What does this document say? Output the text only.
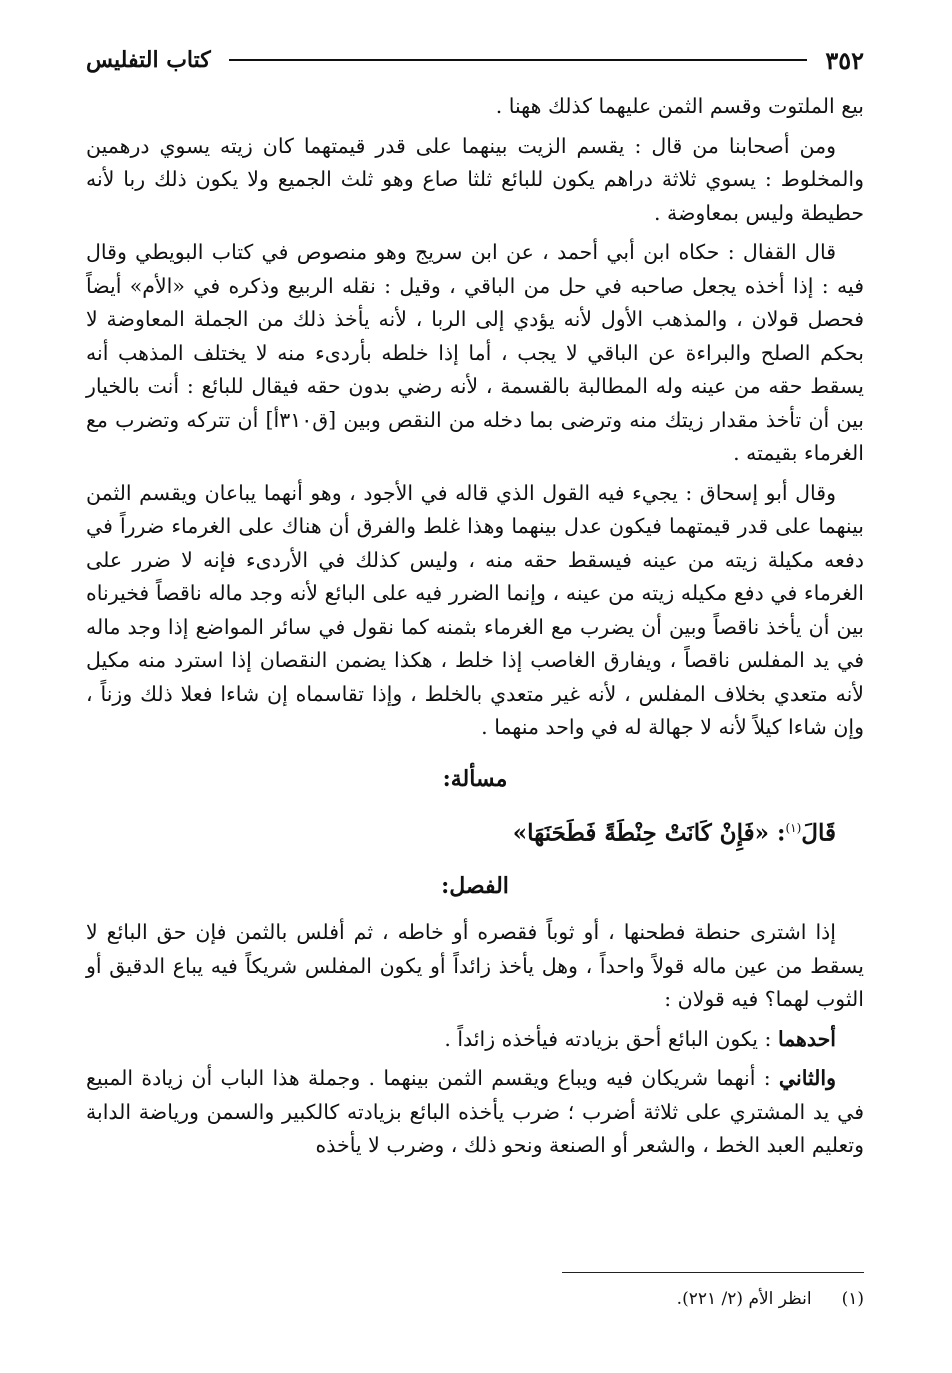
٣٥٢
كتاب التفليس

بيع الملتوت وقسم الثمن عليهما كذلك ههنا .

ومن أصحابنا من قال : يقسم الزيت بينهما على قدر قيمتهما كان زيته يسوي درهمين والمخلوط : يسوي ثلاثة دراهم يكون للبائع ثلثا صاع وهو ثلث الجميع ولا يكون ذلك ربا لأنه حطيطة وليس بمعاوضة .

قال القفال : حكاه ابن أبي أحمد ، عن ابن سريج وهو منصوص في كتاب البويطي وقال فيه : إذا أخذه يجعل صاحبه في حل من الباقي ، وقيل : نقله الربيع وذكره في «الأم» أيضاً فحصل قولان ، والمذهب الأول لأنه يؤدي إلى الربا ، لأنه يأخذ ذلك من الجملة المعاوضة لا بحكم الصلح والبراءة عن الباقي لا يجب ، أما إذا خلطه بأردىء منه لا يختلف المذهب أنه يسقط حقه من عينه وله المطالبة بالقسمة ، لأنه رضي بدون حقه فيقال للبائع : أنت بالخيار بين أن تأخذ مقدار زيتك منه وترضى بما دخله من النقص وبين [ق٣١٠أ] أن تتركه وتضرب مع الغرماء بقيمته .

وقال أبو إسحاق : يجيء فيه القول الذي قاله في الأجود ، وهو أنهما يباعان ويقسم الثمن بينهما على قدر قيمتهما فيكون عدل بينهما وهذا غلط والفرق أن هناك على الغرماء ضرراً في دفعه مكيلة زيته من عينه فيسقط حقه منه ، وليس كذلك في الأردىء فإنه لا ضرر على الغرماء في دفع مكيله زيته من عينه ، وإنما الضرر فيه على البائع لأنه وجد ماله ناقصاً فخيرناه بين أن يأخذ ناقصاً وبين أن يضرب مع الغرماء بثمنه كما نقول في سائر المواضع إذا وجد ماله في يد المفلس ناقصاً ، ويفارق الغاصب إذا خلط ، هكذا يضمن النقصان إذا استرد منه مكيل لأنه متعدي بخلاف المفلس ، لأنه غير متعدي بالخلط ، وإذا تقاسماه إن شاءا فعلا ذلك وزناً ، وإن شاءا كيلاً لأنه لا جهالة له في واحد منهما .

مسألة:
قَالَ$^{(١)}$: «فَإِنْ كَانَتْ حِنْطَةً فَطَحَنَهَا»
الفصل:

إذا اشترى حنطة فطحنها ، أو ثوباً فقصره أو خاطه ، ثم أفلس بالثمن فإن حق البائع لا يسقط من عين ماله قولاً واحداً ، وهل يأخذ زائداً أو يكون المفلس شريكاً فيه يباع الدقيق أو الثوب لهما؟ فيه قولان :

أحدهما : يكون البائع أحق بزيادته فيأخذه زائداً .

والثاني : أنهما شريكان فيه ويباع ويقسم الثمن بينهما . وجملة هذا الباب أن زيادة المبيع في يد المشتري على ثلاثة أضرب ؛ ضرب يأخذه البائع بزيادته كالكبير والسمن ورياضة الدابة وتعليم العبد الخط ، والشعر أو الصنعة ونحو ذلك ، وضرب لا يأخذه

(١)انظر الأم (٢/ ٢٢١).
